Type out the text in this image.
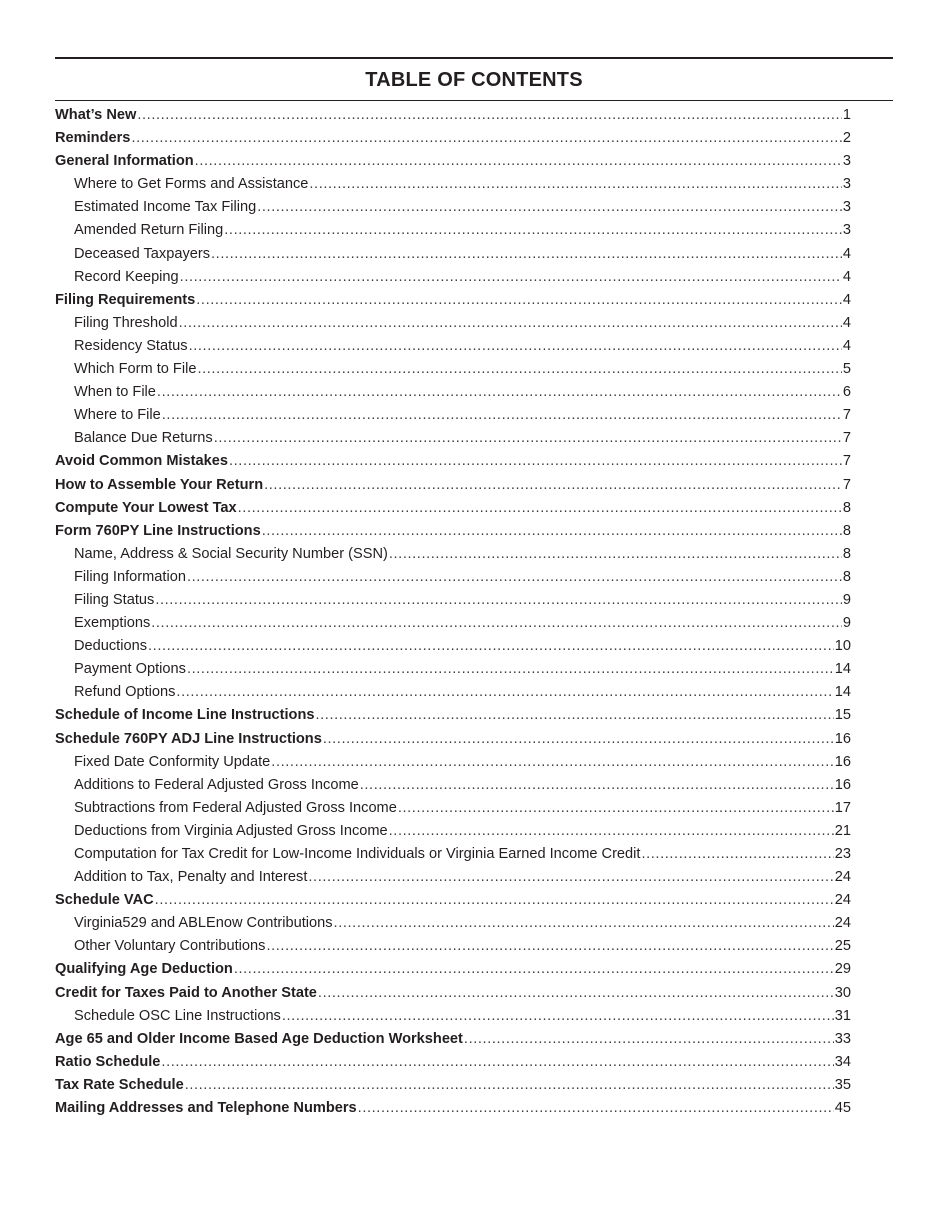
TABLE OF CONTENTS
What’s New .....	1
Reminders .....	2
General Information .....	3
Where to Get Forms and Assistance .....	3
Estimated Income Tax Filing .....	3
Amended Return Filing .....	3
Deceased Taxpayers .....	4
Record Keeping .....	4
Filing Requirements .....	4
Filing Threshold .....	4
Residency Status .....	4
Which Form to File .....	5
When to File .....	6
Where to File .....	7
Balance Due Returns .....	7
Avoid Common Mistakes .....	7
How to Assemble Your Return .....	7
Compute Your Lowest Tax .....	8
Form 760PY Line Instructions .....	8
Name, Address & Social Security Number (SSN) .....	8
Filing Information .....	8
Filing Status .....	9
Exemptions .....	9
Deductions .....	10
Payment Options .....	14
Refund Options .....	14
Schedule of Income Line Instructions .....	15
Schedule 760PY ADJ Line Instructions .....	16
Fixed Date Conformity Update .....	16
Additions to Federal Adjusted Gross Income .....	16
Subtractions from Federal Adjusted Gross Income .....	17
Deductions from Virginia Adjusted Gross Income .....	21
Computation for Tax Credit for Low-Income Individuals or Virginia Earned Income Credit .....	23
Addition to Tax, Penalty and Interest .....	24
Schedule VAC .....	24
Virginia529 and ABLEnow Contributions .....	24
Other Voluntary Contributions .....	25
Qualifying Age Deduction .....	29
Credit for Taxes Paid to Another State .....	30
Schedule OSC Line Instructions .....	31
Age 65 and Older Income Based Age Deduction Worksheet .....	33
Ratio Schedule .....	34
Tax Rate Schedule .....	35
Mailing Addresses and Telephone Numbers .....	45
